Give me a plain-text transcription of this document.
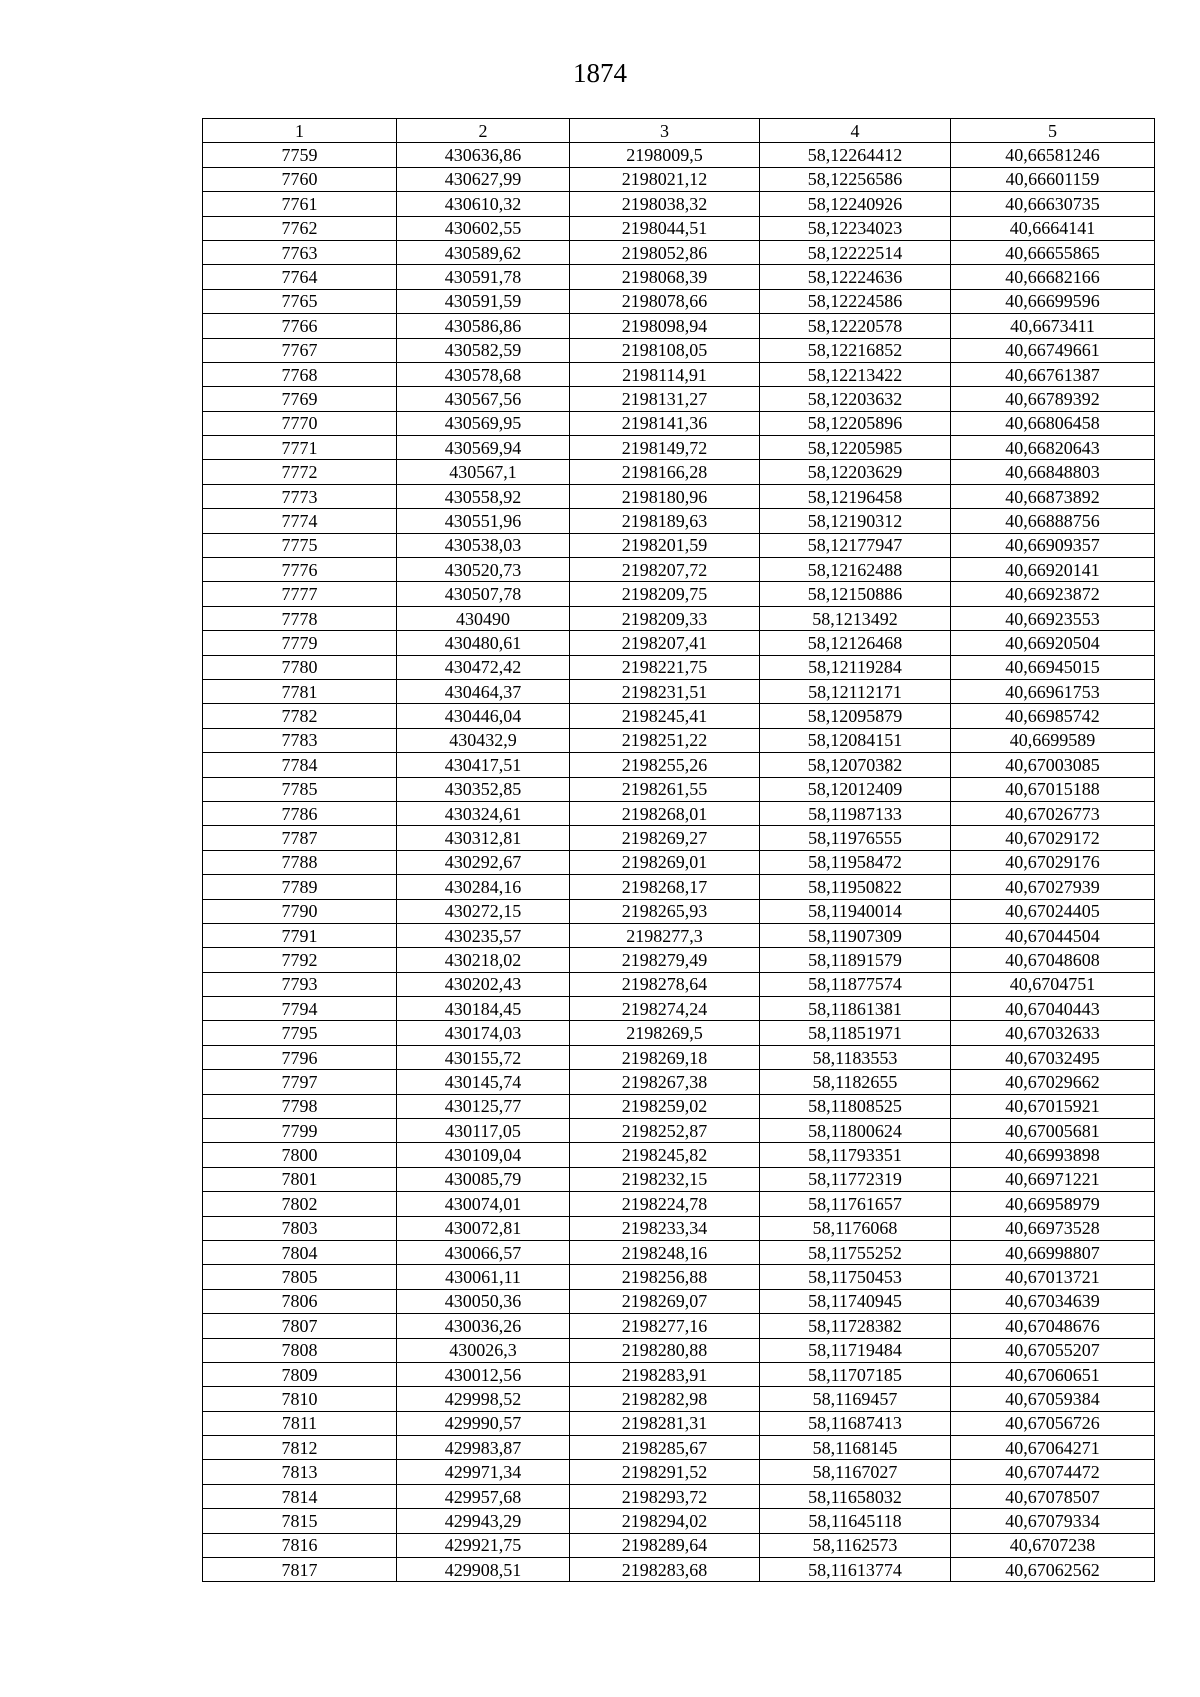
1874
1	2	3	4	5
7759	430636,86	2198009,5	58,12264412	40,66581246
7760	430627,99	2198021,12	58,12256586	40,66601159
7761	430610,32	2198038,32	58,12240926	40,66630735
7762	430602,55	2198044,51	58,12234023	40,6664141
7763	430589,62	2198052,86	58,12222514	40,66655865
7764	430591,78	2198068,39	58,12224636	40,66682166
7765	430591,59	2198078,66	58,12224586	40,66699596
7766	430586,86	2198098,94	58,12220578	40,6673411
7767	430582,59	2198108,05	58,12216852	40,66749661
7768	430578,68	2198114,91	58,12213422	40,66761387
7769	430567,56	2198131,27	58,12203632	40,66789392
7770	430569,95	2198141,36	58,12205896	40,66806458
7771	430569,94	2198149,72	58,12205985	40,66820643
7772	430567,1	2198166,28	58,12203629	40,66848803
7773	430558,92	2198180,96	58,12196458	40,66873892
7774	430551,96	2198189,63	58,12190312	40,66888756
7775	430538,03	2198201,59	58,12177947	40,66909357
7776	430520,73	2198207,72	58,12162488	40,66920141
7777	430507,78	2198209,75	58,12150886	40,66923872
7778	430490	2198209,33	58,1213492	40,66923553
7779	430480,61	2198207,41	58,12126468	40,66920504
7780	430472,42	2198221,75	58,12119284	40,66945015
7781	430464,37	2198231,51	58,12112171	40,66961753
7782	430446,04	2198245,41	58,12095879	40,66985742
7783	430432,9	2198251,22	58,12084151	40,6699589
7784	430417,51	2198255,26	58,12070382	40,67003085
7785	430352,85	2198261,55	58,12012409	40,67015188
7786	430324,61	2198268,01	58,11987133	40,67026773
7787	430312,81	2198269,27	58,11976555	40,67029172
7788	430292,67	2198269,01	58,11958472	40,67029176
7789	430284,16	2198268,17	58,11950822	40,67027939
7790	430272,15	2198265,93	58,11940014	40,67024405
7791	430235,57	2198277,3	58,11907309	40,67044504
7792	430218,02	2198279,49	58,11891579	40,67048608
7793	430202,43	2198278,64	58,11877574	40,6704751
7794	430184,45	2198274,24	58,11861381	40,67040443
7795	430174,03	2198269,5	58,11851971	40,67032633
7796	430155,72	2198269,18	58,1183553	40,67032495
7797	430145,74	2198267,38	58,1182655	40,67029662
7798	430125,77	2198259,02	58,11808525	40,67015921
7799	430117,05	2198252,87	58,11800624	40,67005681
7800	430109,04	2198245,82	58,11793351	40,66993898
7801	430085,79	2198232,15	58,11772319	40,66971221
7802	430074,01	2198224,78	58,11761657	40,66958979
7803	430072,81	2198233,34	58,1176068	40,66973528
7804	430066,57	2198248,16	58,11755252	40,66998807
7805	430061,11	2198256,88	58,11750453	40,67013721
7806	430050,36	2198269,07	58,11740945	40,67034639
7807	430036,26	2198277,16	58,11728382	40,67048676
7808	430026,3	2198280,88	58,11719484	40,67055207
7809	430012,56	2198283,91	58,11707185	40,67060651
7810	429998,52	2198282,98	58,1169457	40,67059384
7811	429990,57	2198281,31	58,11687413	40,67056726
7812	429983,87	2198285,67	58,1168145	40,67064271
7813	429971,34	2198291,52	58,1167027	40,67074472
7814	429957,68	2198293,72	58,11658032	40,67078507
7815	429943,29	2198294,02	58,11645118	40,67079334
7816	429921,75	2198289,64	58,1162573	40,6707238
7817	429908,51	2198283,68	58,11613774	40,67062562
